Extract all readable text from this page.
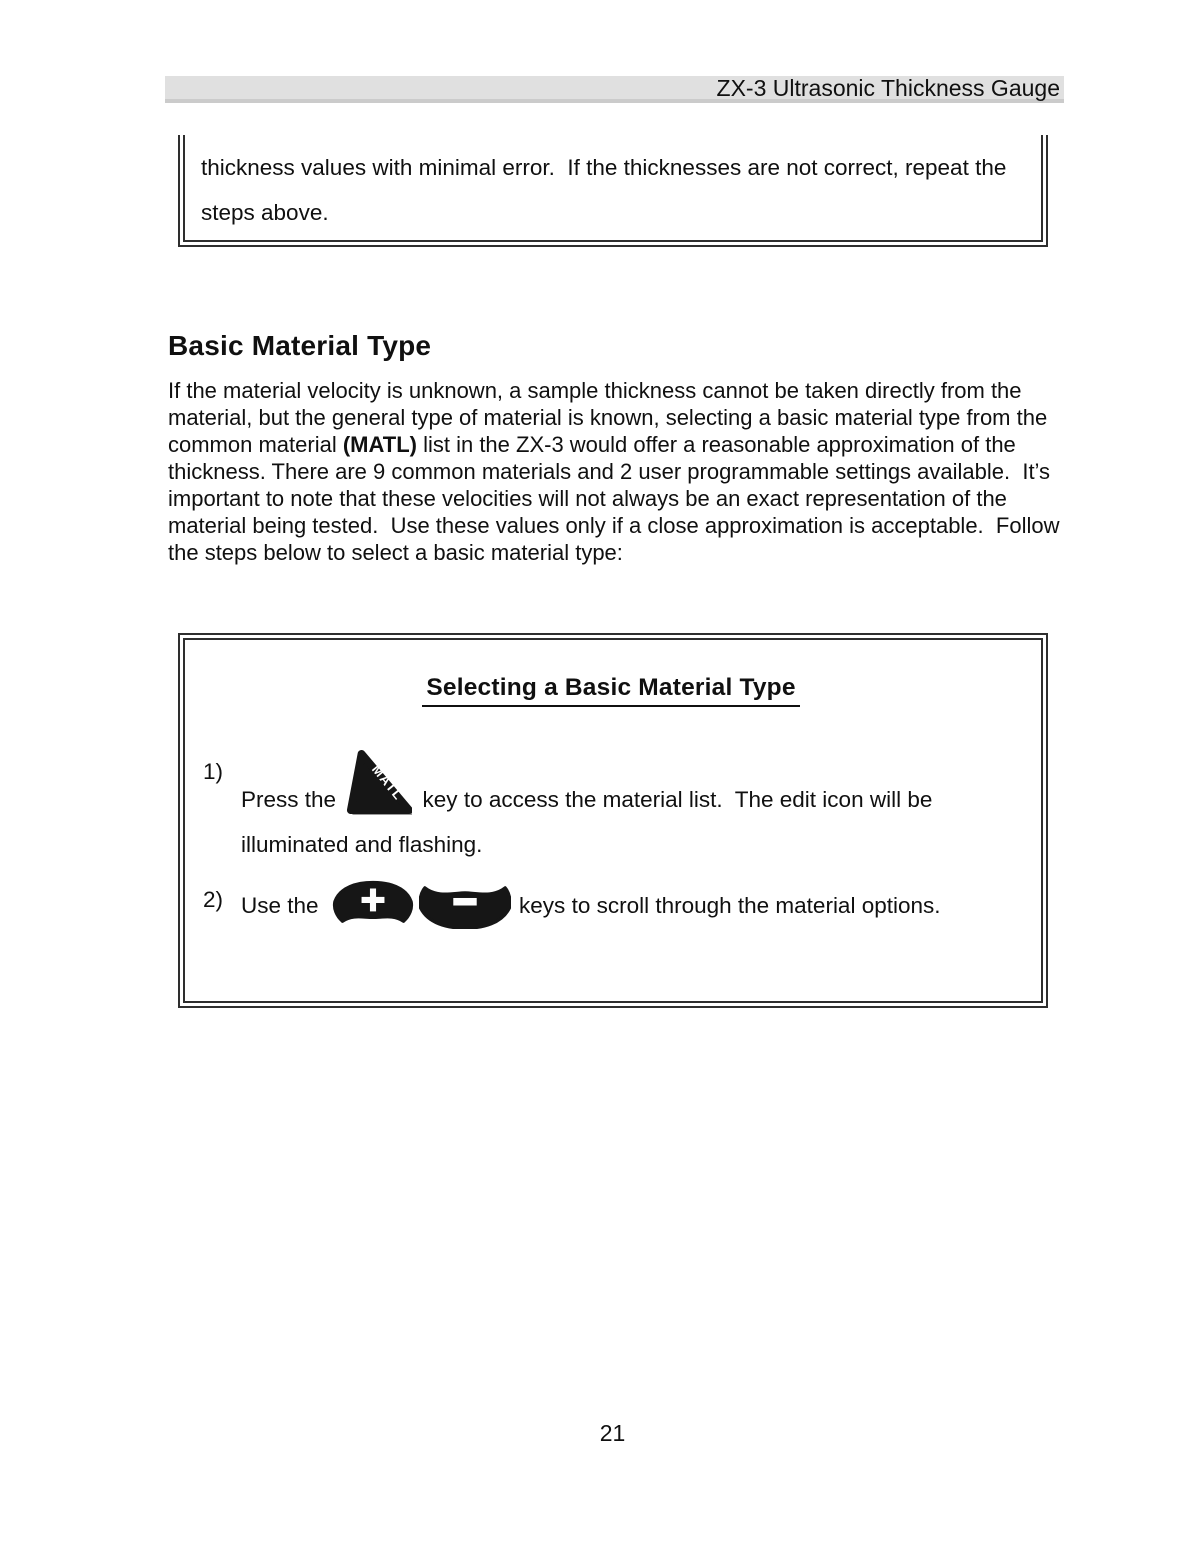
ZX-3 Ultrasonic Thickness Gauge

thickness values with minimal error.  If the thicknesses are not correct, repeat the steps above.

Basic Material Type

If the material velocity is unknown, a sample thickness cannot be taken directly from the material, but the general type of material is known, selecting a basic material type from the common material (MATL) list in the ZX-3 would offer a reasonable approximation of the thickness. There are 9 common materials and 2 user programmable settings available.  It’s important to note that these velocities will not always be an exact representation of the material being tested.  Use these values only if a close approximation is acceptable.  Follow the steps below to select a basic material type:

Selecting a Basic Material Type
1)
Press the MATL key to access the material list.  The edit icon will be illuminated and flashing.
2) Use the	keys to scroll through the material options.
21
